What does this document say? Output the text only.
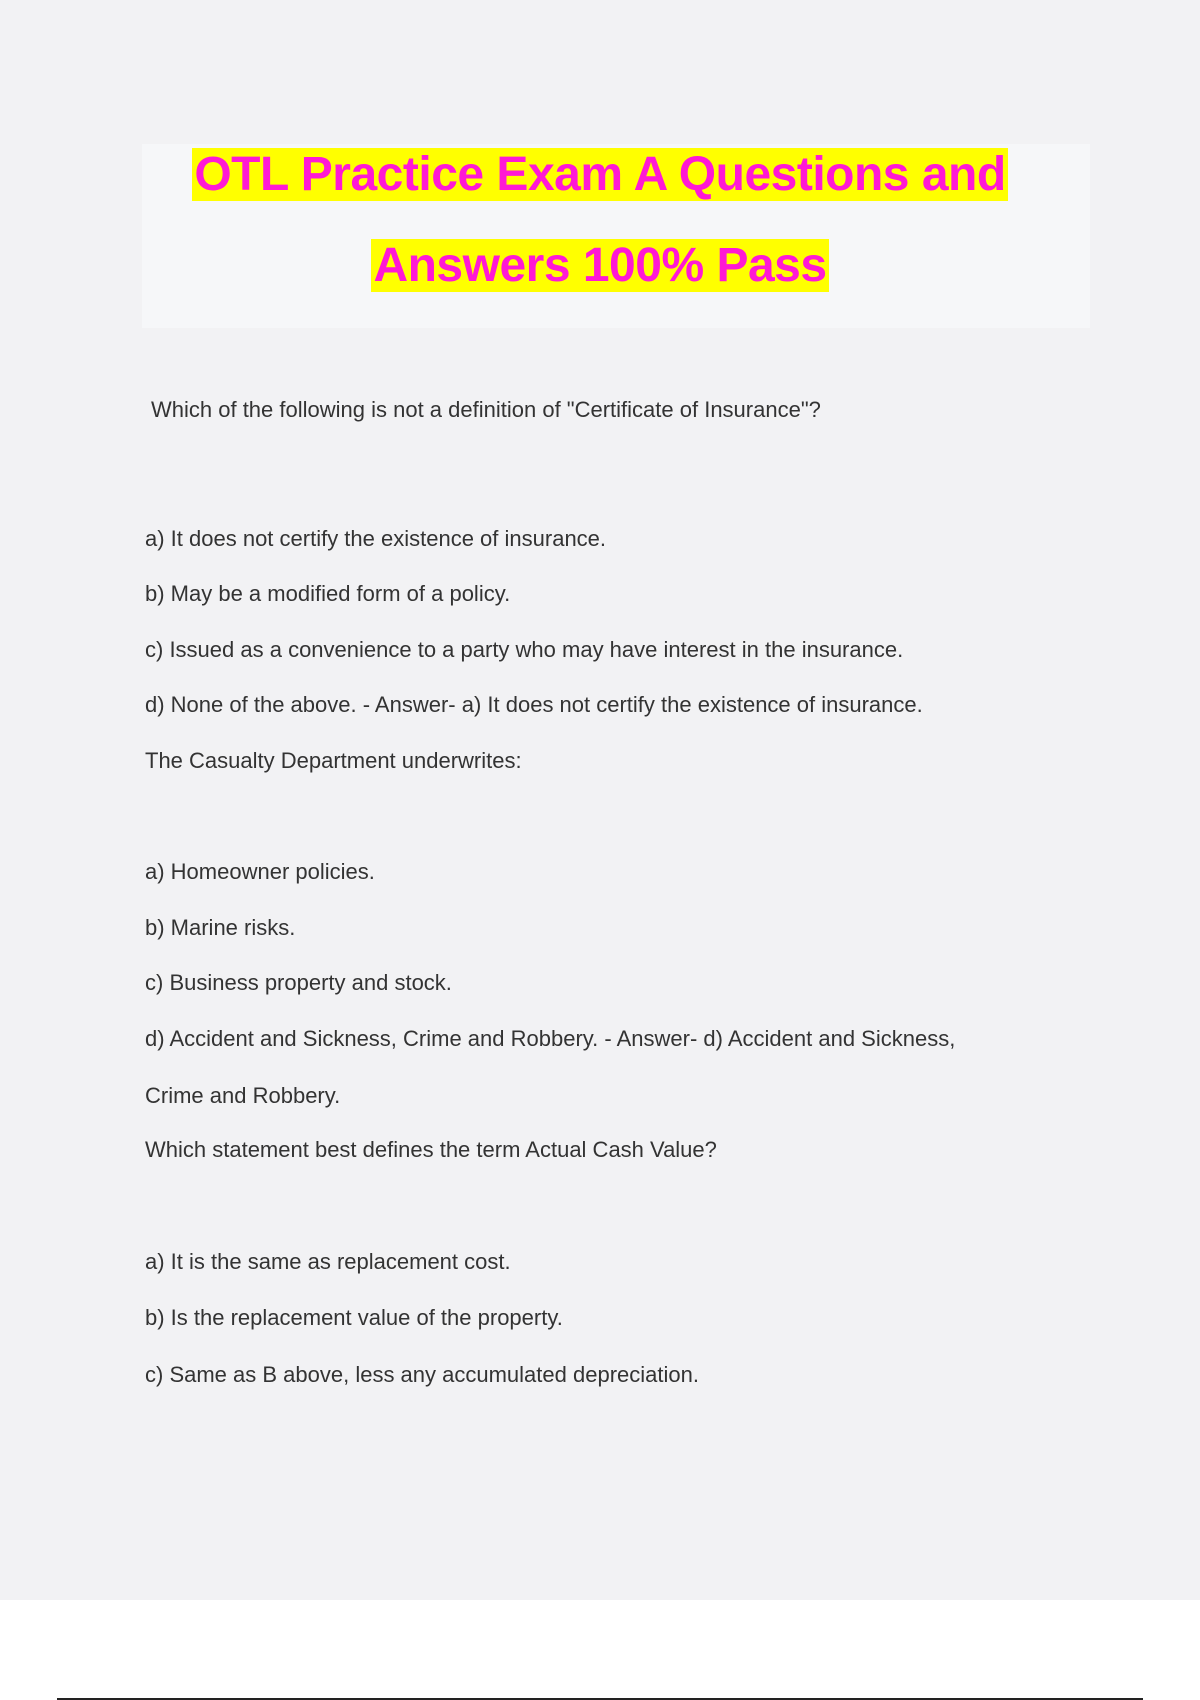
OTL Practice Exam A Questions and
Answers 100% Pass
Which of the following is not a definition of "Certificate of Insurance"?
a) It does not certify the existence of insurance.
b) May be a modified form of a policy.
c) Issued as a convenience to a party who may have interest in the insurance.
d) None of the above. - Answer- a) It does not certify the existence of insurance.
The Casualty Department underwrites:
a) Homeowner policies.
b) Marine risks.
c) Business property and stock.
d) Accident and Sickness, Crime and Robbery. - Answer- d) Accident and Sickness,
Crime and Robbery.
Which statement best defines the term Actual Cash Value?
a) It is the same as replacement cost.
b) Is the replacement value of the property.
c) Same as B above, less any accumulated depreciation.
